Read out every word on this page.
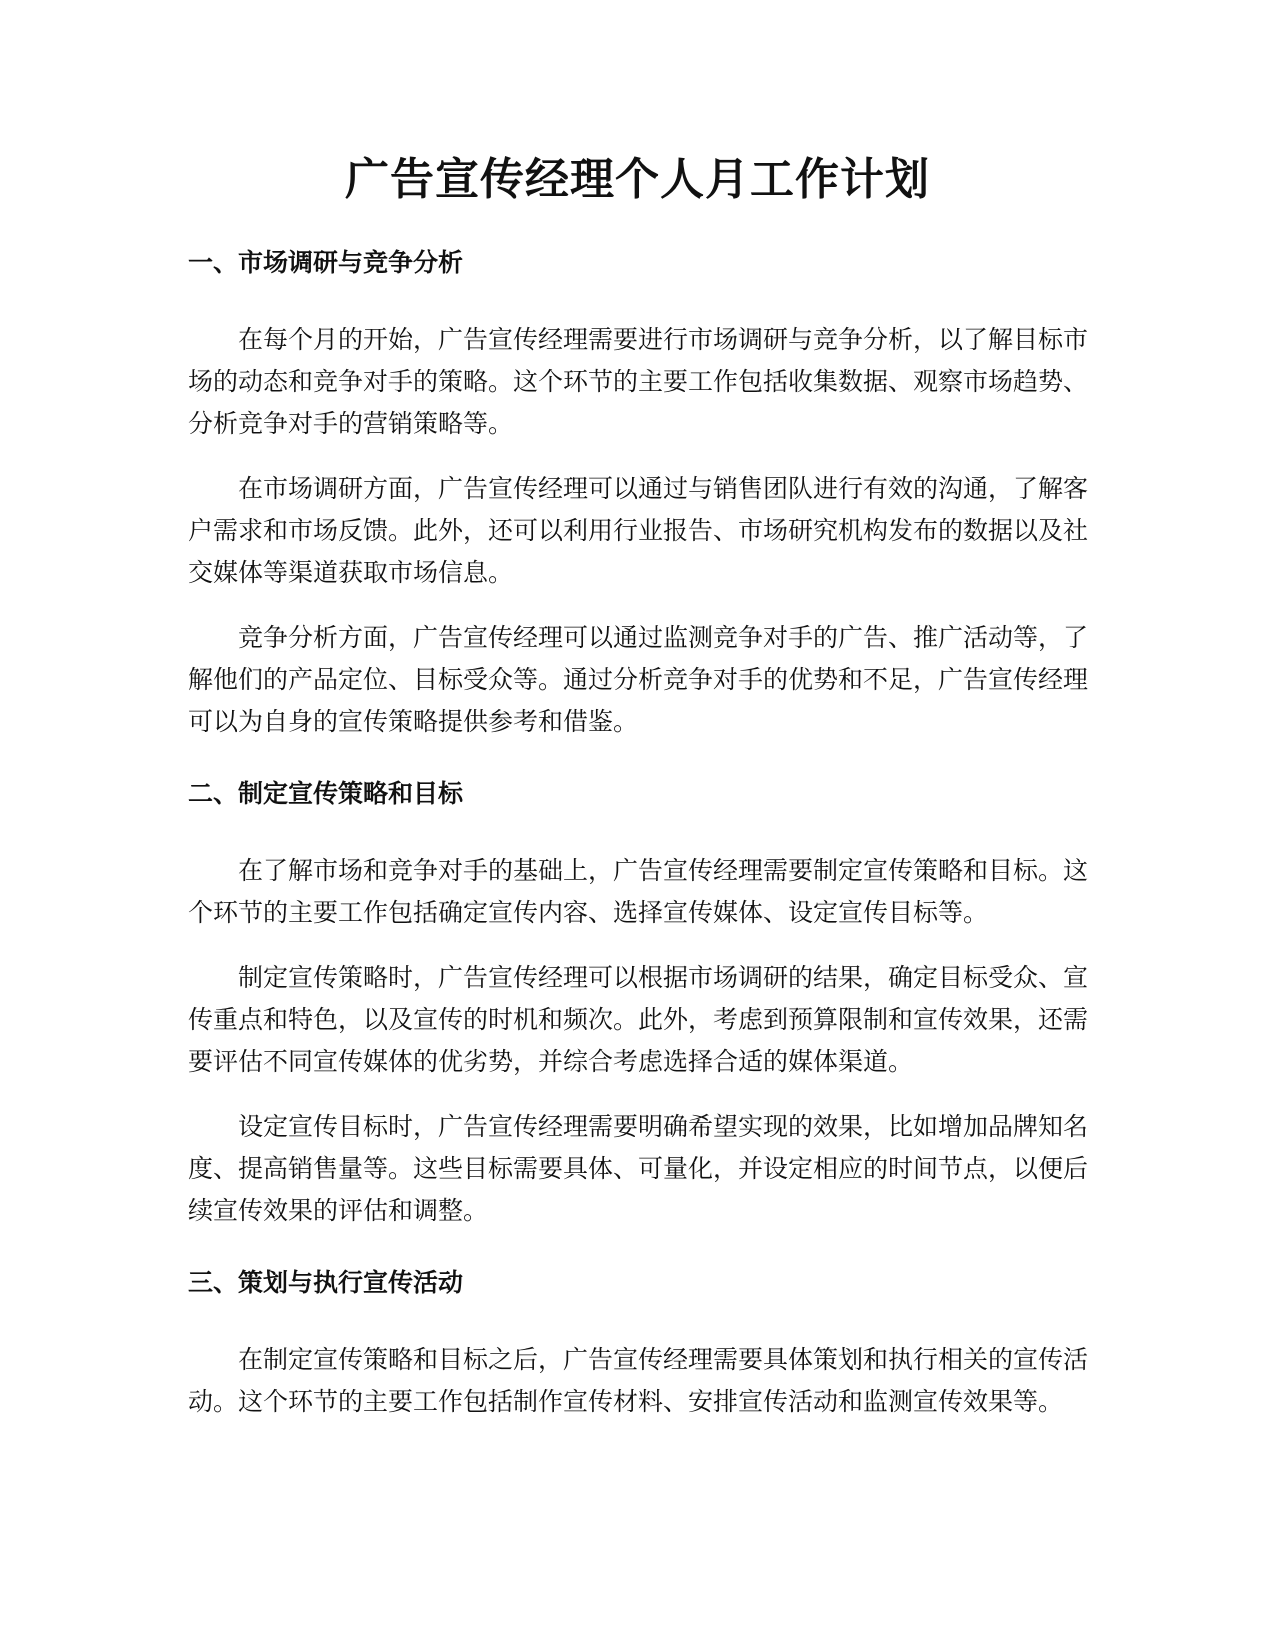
广告宣传经理个人月工作计划
一、市场调研与竞争分析

在每个月的开始，广告宣传经理需要进行市场调研与竞争分析，以了解目标市场的动态和竞争对手的策略。这个环节的主要工作包括收集数据、观察市场趋势、分析竞争对手的营销策略等。

在市场调研方面，广告宣传经理可以通过与销售团队进行有效的沟通，了解客户需求和市场反馈。此外，还可以利用行业报告、市场研究机构发布的数据以及社交媒体等渠道获取市场信息。

竞争分析方面，广告宣传经理可以通过监测竞争对手的广告、推广活动等，了解他们的产品定位、目标受众等。通过分析竞争对手的优势和不足，广告宣传经理可以为自身的宣传策略提供参考和借鉴。

二、制定宣传策略和目标

在了解市场和竞争对手的基础上，广告宣传经理需要制定宣传策略和目标。这个环节的主要工作包括确定宣传内容、选择宣传媒体、设定宣传目标等。

制定宣传策略时，广告宣传经理可以根据市场调研的结果，确定目标受众、宣传重点和特色，以及宣传的时机和频次。此外，考虑到预算限制和宣传效果，还需要评估不同宣传媒体的优劣势，并综合考虑选择合适的媒体渠道。

设定宣传目标时，广告宣传经理需要明确希望实现的效果，比如增加品牌知名度、提高销售量等。这些目标需要具体、可量化，并设定相应的时间节点，以便后续宣传效果的评估和调整。

三、策划与执行宣传活动

在制定宣传策略和目标之后，广告宣传经理需要具体策划和执行相关的宣传活动。这个环节的主要工作包括制作宣传材料、安排宣传活动和监测宣传效果等。
